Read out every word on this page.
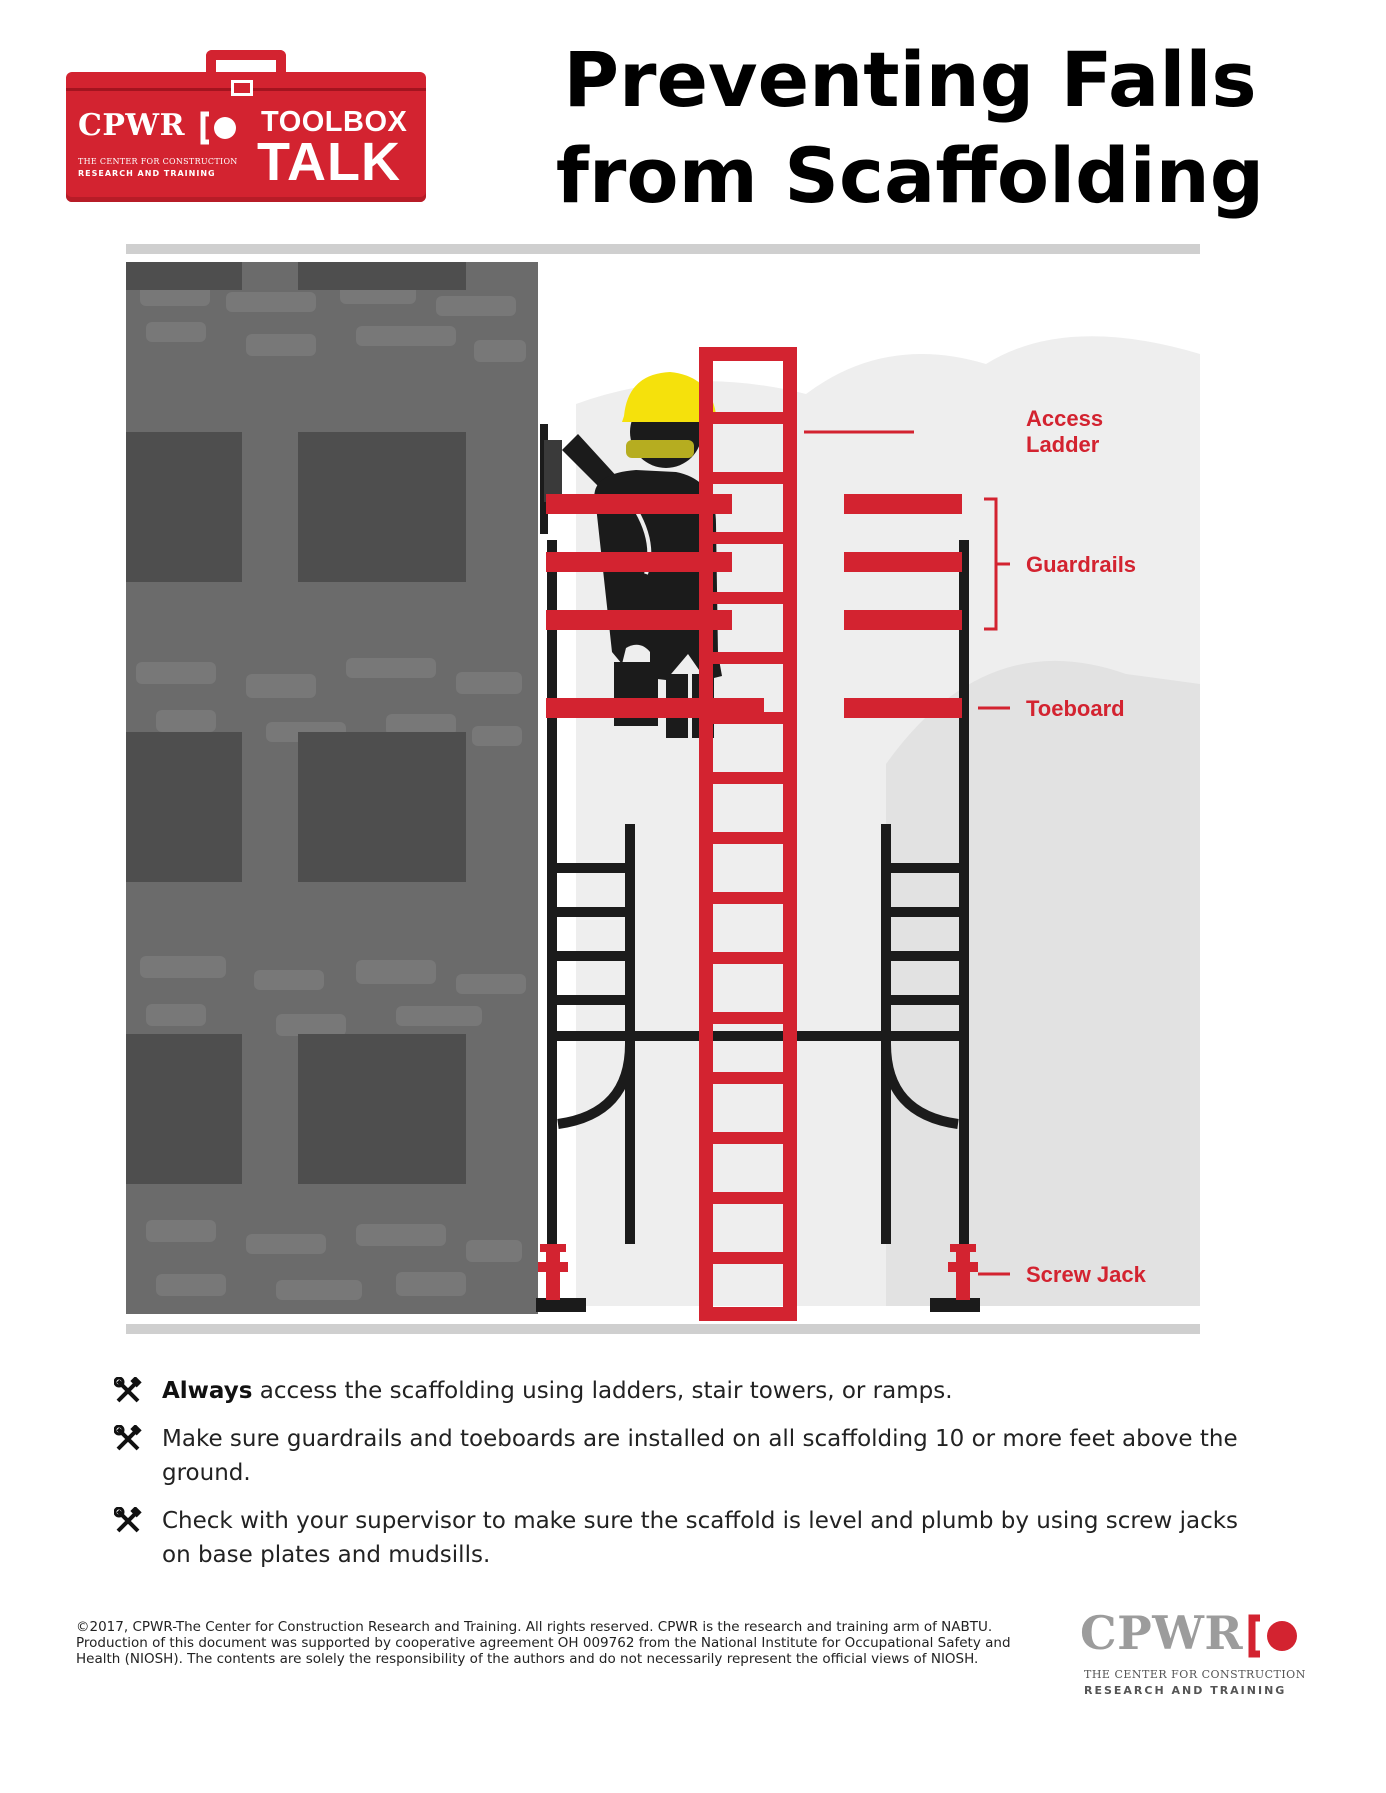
CPWR
THE CENTER FOR CONSTRUCTION
RESEARCH AND TRAINING
TOOLBOX
TALK
Preventing Falls
from Scaffolding
Access
Ladder
Guardrails
Toeboard
Screw Jack
Always access the scaffolding using ladders, stair towers, or ramps.
Make sure guardrails and toeboards are installed on all scaffolding 10 or more feet above the ground.
Check with your supervisor to make sure the scaffold is level and plumb by using screw jacks on base plates and mudsills.
©2017, CPWR-The Center for Construction Research and Training. All rights reserved. CPWR is the research and training arm of NABTU. Production of this document was supported by cooperative agreement OH 009762 from the National Institute for Occupational Safety and Health (NIOSH). The contents are solely the responsibility of the authors and do not necessarily represent the official views of NIOSH.	CPWR
THE CENTER FOR CONSTRUCTION
RESEARCH AND TRAINING
